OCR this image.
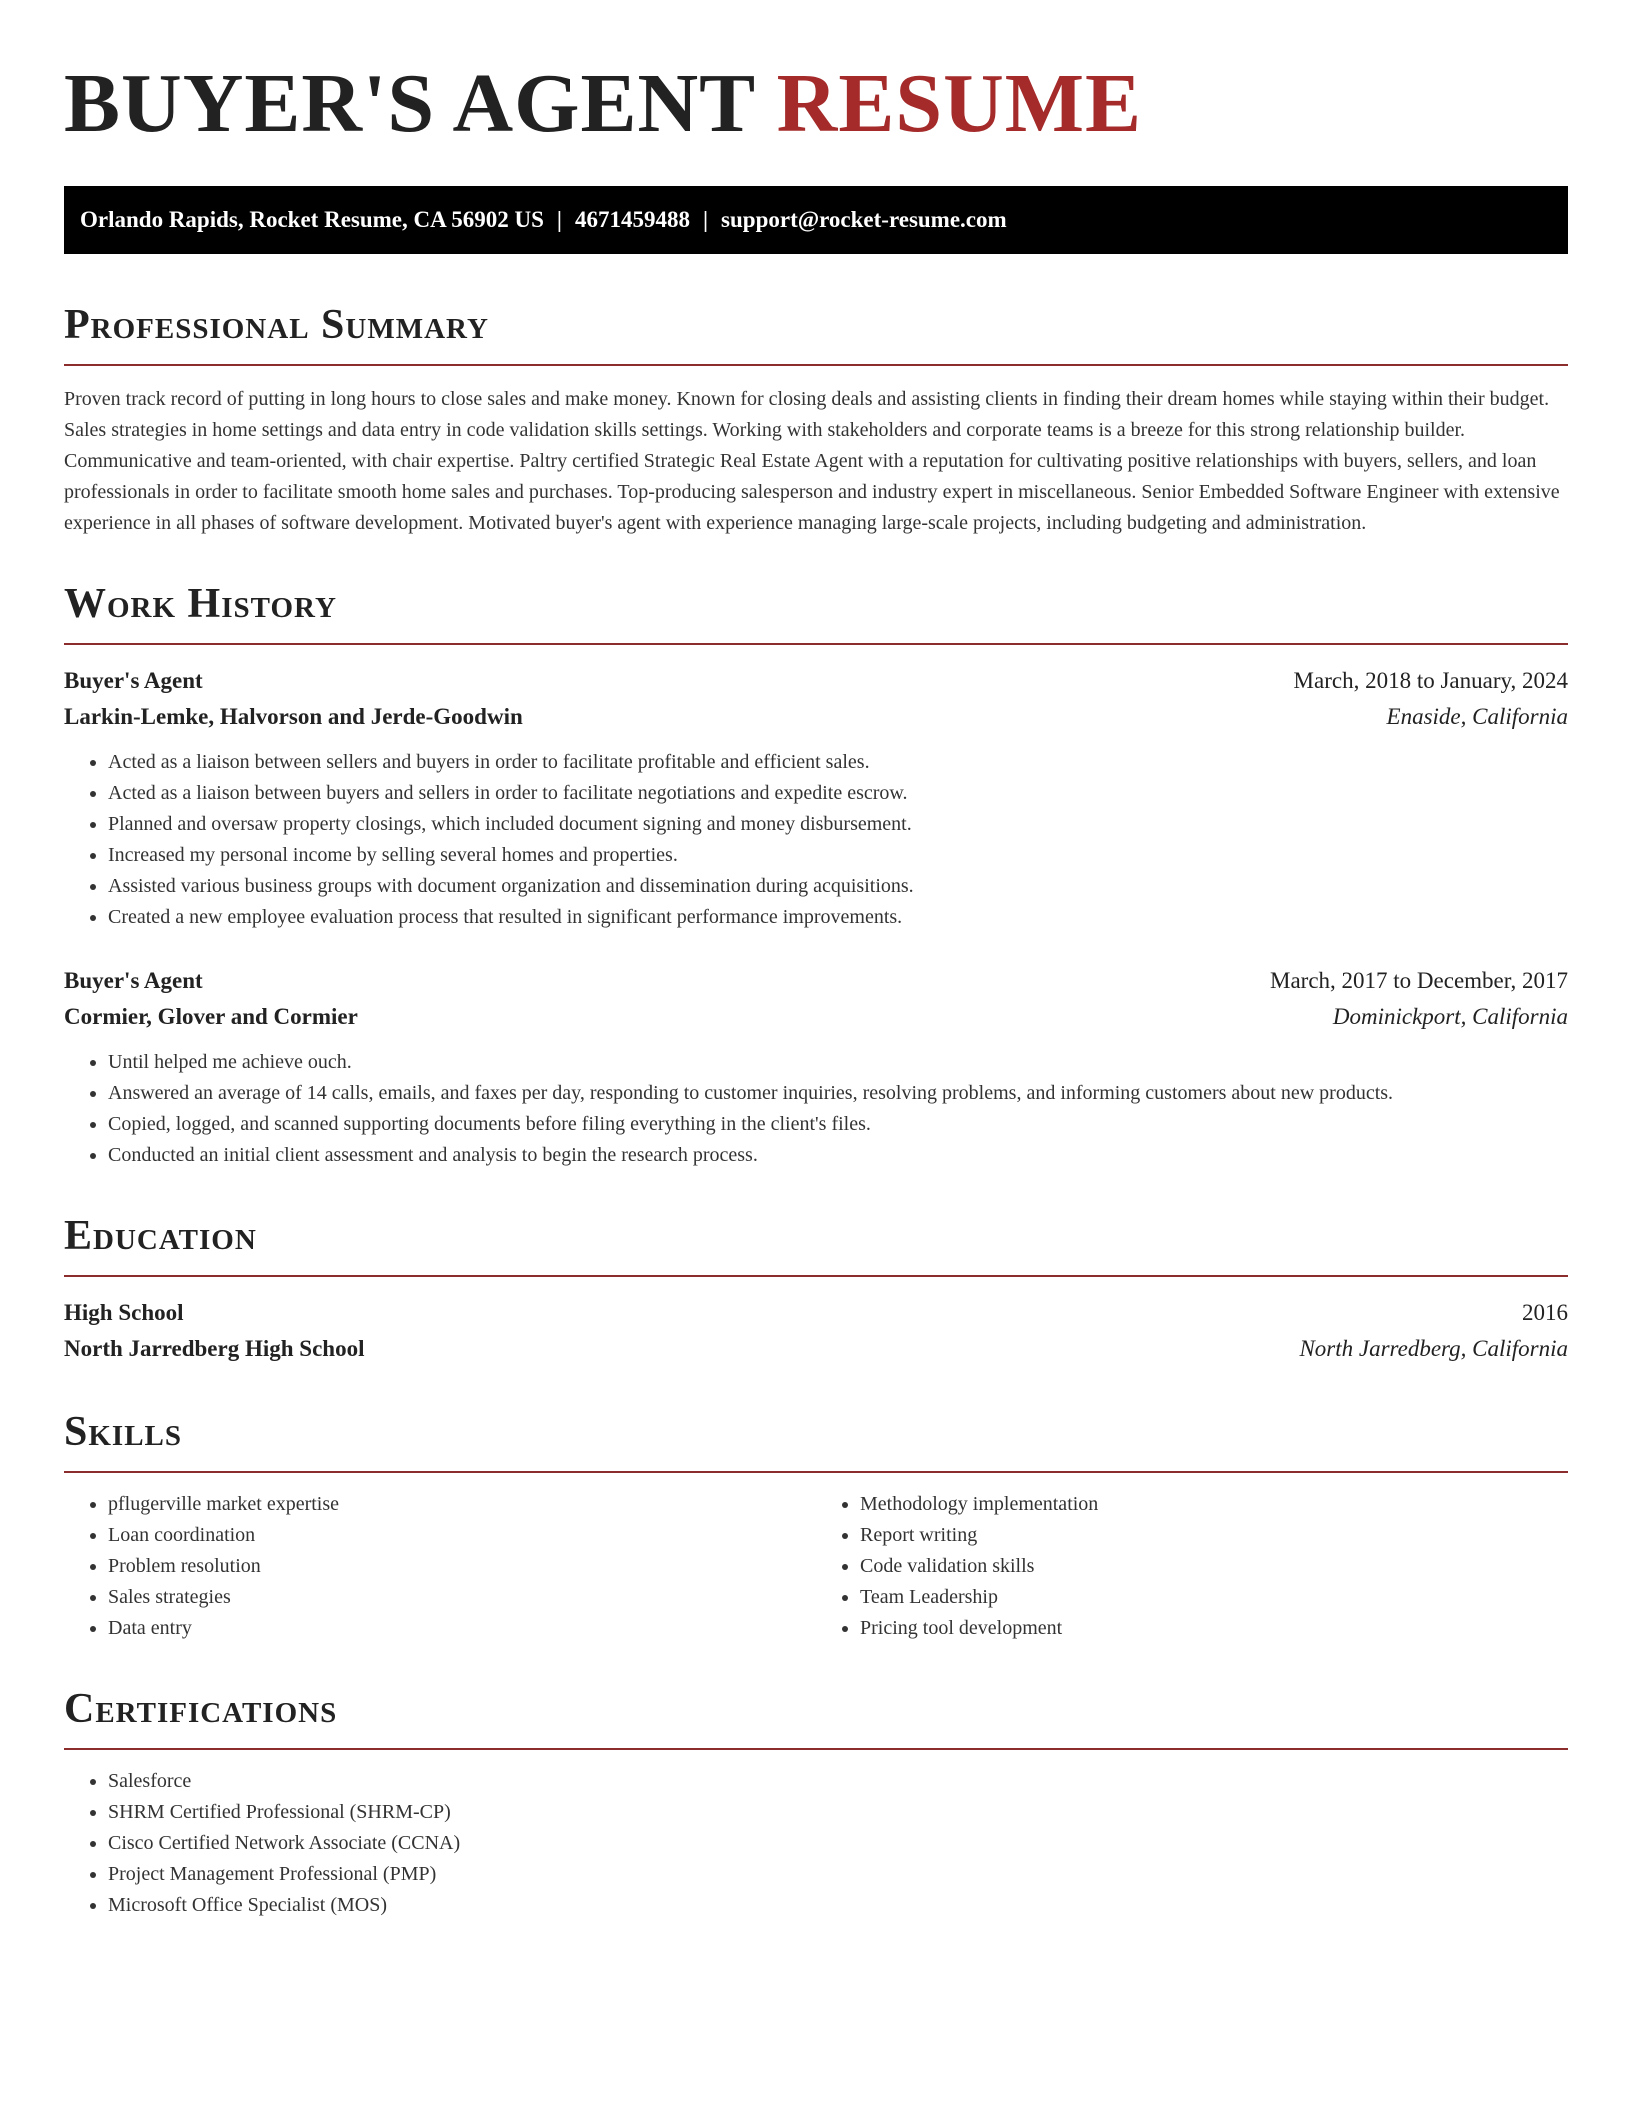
BUYER'S AGENT RESUME
Orlando Rapids, Rocket Resume, CA 56902 US | 4671459488 | support@rocket-resume.com
Professional Summary

Proven track record of putting in long hours to close sales and make money. Known for closing deals and assisting clients in finding their dream homes while staying within their budget. Sales strategies in home settings and data entry in code validation skills settings. Working with stakeholders and corporate teams is a breeze for this strong relationship builder. Communicative and team-oriented, with chair expertise. Paltry certified Strategic Real Estate Agent with a reputation for cultivating positive relationships with buyers, sellers, and loan professionals in order to facilitate smooth home sales and purchases. Top-producing salesperson and industry expert in miscellaneous. Senior Embedded Software Engineer with extensive experience in all phases of software development. Motivated buyer's agent with experience managing large-scale projects, including budgeting and administration.

Work History
Buyer's Agent	March, 2018 to January, 2024
Larkin-Lemke, Halvorson and Jerde-Goodwin	Enaside, California
• Acted as a liaison between sellers and buyers in order to facilitate profitable and efficient sales.
• Acted as a liaison between buyers and sellers in order to facilitate negotiations and expedite escrow.
• Planned and oversaw property closings, which included document signing and money disbursement.
• Increased my personal income by selling several homes and properties.
• Assisted various business groups with document organization and dissemination during acquisitions.
• Created a new employee evaluation process that resulted in significant performance improvements.
Buyer's Agent	March, 2017 to December, 2017
Cormier, Glover and Cormier	Dominickport, California
• Until helped me achieve ouch.
• Answered an average of 14 calls, emails, and faxes per day, responding to customer inquiries, resolving problems, and informing customers about new products.
• Copied, logged, and scanned supporting documents before filing everything in the client's files.
• Conducted an initial client assessment and analysis to begin the research process.
Education
High School	2016
North Jarredberg High School	North Jarredberg, California
Skills
• pflugerville market expertise
• Loan coordination
• Problem resolution
• Sales strategies
• Data entry
• Methodology implementation
• Report writing
• Code validation skills
• Team Leadership
• Pricing tool development
Certifications
• Salesforce
• SHRM Certified Professional (SHRM-CP)
• Cisco Certified Network Associate (CCNA)
• Project Management Professional (PMP)
• Microsoft Office Specialist (MOS)
